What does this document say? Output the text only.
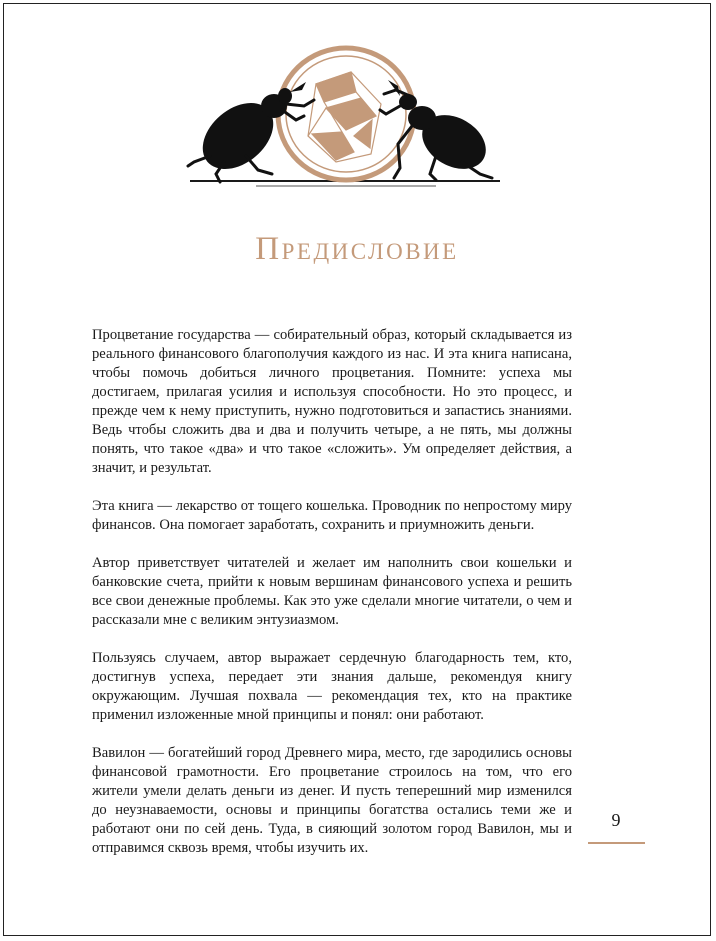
Предисловие

Процветание государства — собирательный образ, который складывается из реального финансового благополучия каждого из нас. И эта книга написана, чтобы помочь добиться личного процветания. Помните: успеха мы достигаем, прилагая усилия и используя способности. Но это процесс, и прежде чем к нему приступить, нужно подготовиться и запастись знаниями. Ведь чтобы сложить два и два и получить четыре, а не пять, мы должны понять, что такое «два» и что такое «сложить». Ум определяет действия, а значит, и результат.

Эта книга — лекарство от тощего кошелька. Проводник по непростому миру финансов. Она помогает заработать, сохранить и приумножить деньги.

Автор приветствует читателей и желает им наполнить свои кошельки и банковские счета, прийти к новым вершинам финансового успеха и решить все свои денежные проблемы. Как это уже сделали многие читатели, о чем и рассказали мне с великим энтузиазмом.

Пользуясь случаем, автор выражает сердечную благодарность тем, кто, достигнув успеха, передает эти знания дальше, рекомендуя книгу окружающим. Лучшая похвала — рекомендация тех, кто на практике применил изложенные мной принципы и понял: они работают.

Вавилон — богатейший город Древнего мира, место, где зародились основы финансовой грамотности. Его процветание строилось на том, что его жители умели делать деньги из денег. И пусть теперешний мир изменился до неузнаваемости, основы и принципы богатства остались теми же и работают они по сей день. Туда, в сияющий золотом город Вавилон, мы и отправимся сквозь время, чтобы изучить их.

9
